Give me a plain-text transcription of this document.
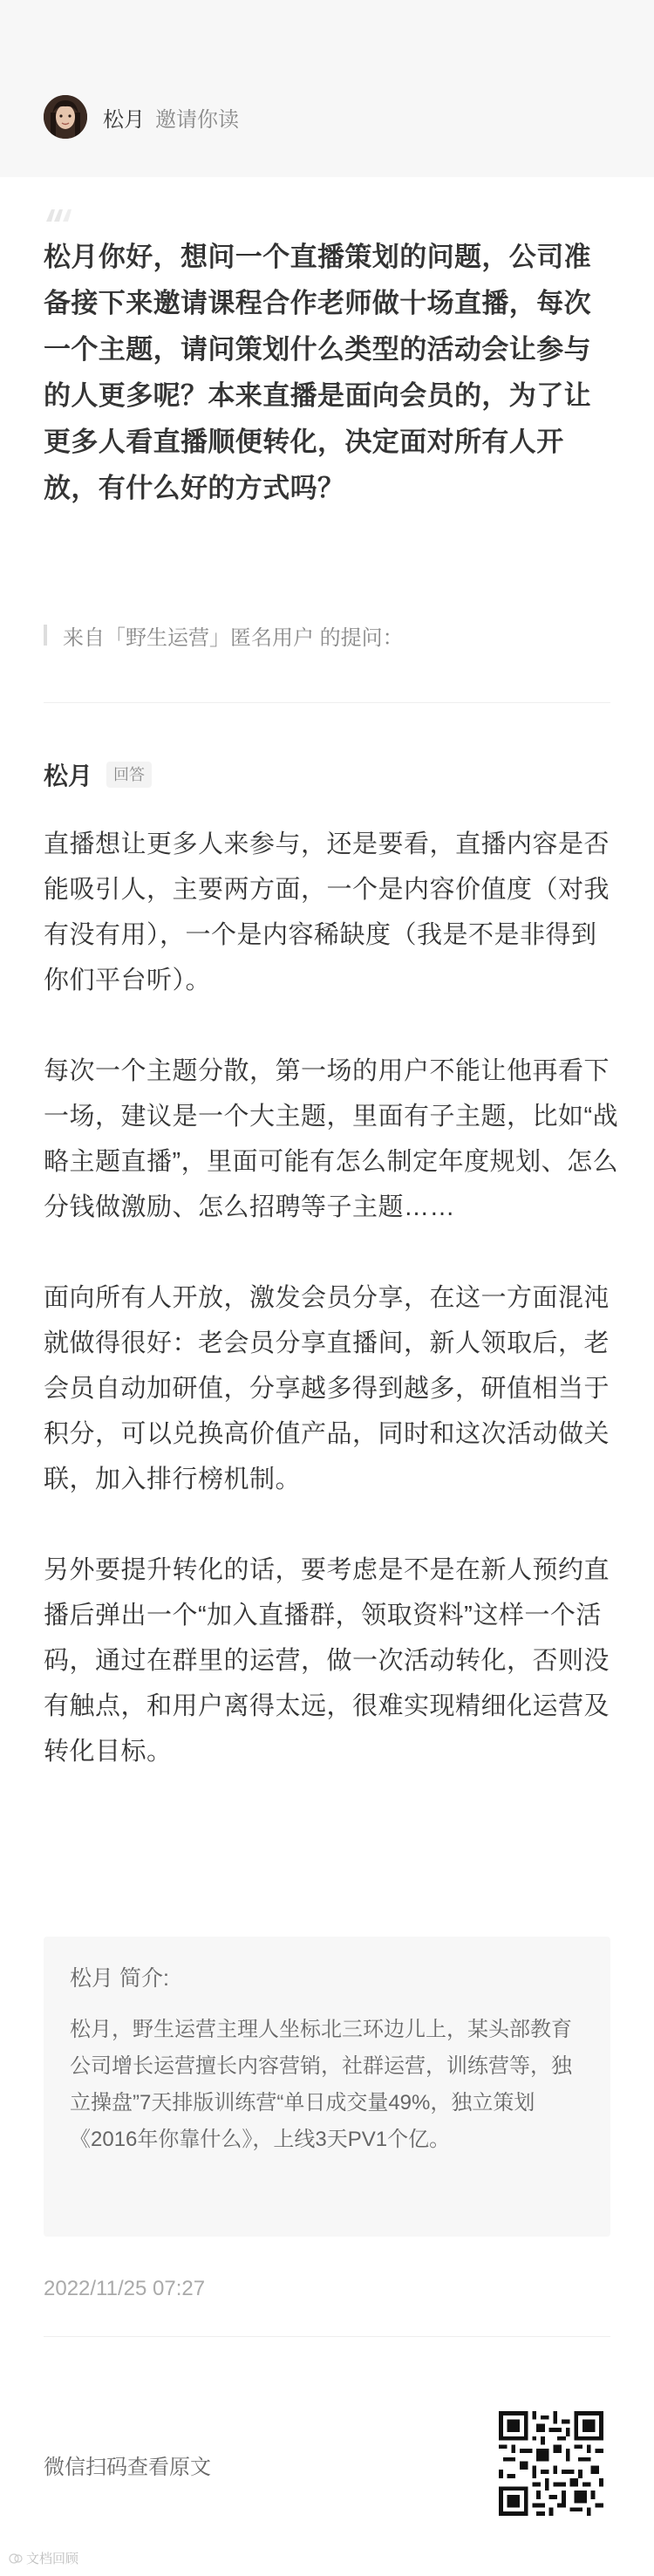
松月 邀请你读
松月你好，想问一个直播策划的问题，公司准备接下来邀请课程合作老师做十场直播，每次一个主题，请问策划什么类型的活动会让参与的人更多呢？本来直播是面向会员的，为了让更多人看直播顺便转化，决定面对所有人开放，有什么好的方式吗？
来自「野生运营」匿名用户 的提问：
松月	回答

直播想让更多人来参与，还是要看，直播内容是否能吸引人，主要两方面，一个是内容价值度（对我有没有用），一个是内容稀缺度（我是不是非得到你们平台听）。

每次一个主题分散，第一场的用户不能让他再看下一场，建议是一个大主题，里面有子主题，比如“战略主题直播”，里面可能有怎么制定年度规划、怎么分钱做激励、怎么招聘等子主题……

面向所有人开放，激发会员分享，在这一方面混沌就做得很好：老会员分享直播间，新人领取后，老会员自动加研值，分享越多得到越多，研值相当于积分，可以兑换高价值产品，同时和这次活动做关联，加入排行榜机制。

另外要提升转化的话，要考虑是不是在新人预约直播后弹出一个“加入直播群，领取资料”这样一个活码，通过在群里的运营，做一次活动转化，否则没有触点，和用户离得太远，很难实现精细化运营及转化目标。

松月 简介:
松月，野生运营主理人坐标北三环边儿上，某头部教育公司增长运营擅长内容营销，社群运营，训练营等，独立操盘”7天排版训练营“单日成交量49%，独立策划《2016年你靠什么》，上线3天PV1个亿。
2022/11/25 07:27
微信扫码查看原文
文档回顾
